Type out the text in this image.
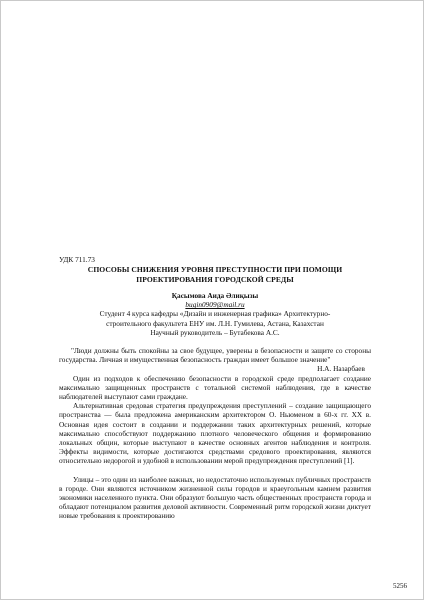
УДК 711.73

СПОСОБЫ СНИЖЕНИЯ УРОВНЯ ПРЕСТУПНОСТИ ПРИ ПОМОЩИ
ПРОЕКТИРОВАНИЯ ГОРОДСКОЙ СРЕДЫ
Қасымова Аида Әлиқызы
bugin0909@mail.ru
Студент 4 курса кафедры «Дизайн и инженерная графика» Архитектурно-
строительного факультета ЕНУ им. Л.Н. Гумилева, Астана, Казахстан
Научный руководитель – Бутабекова А.С.
"Люди должны быть спокойны за свое будущее, уверены в безопасности и защите со стороны государства. Личная и имущественная безопасность граждан имеет большое значение"
Н.А. Назарбаев

Один из подходов к обеспечению безопасности в городской среде предполагает создание максимально защищенных пространств с тотальной системой наблюдения, где в качестве наблюдателей выступают сами граждане.

Альтернативная средовая стратегия предупреждения преступлений – создание защищающего пространства — была предложена американским архитектором О. Ньюменом в 60-х гг. XX в. Основная идея состоит в создании и поддержании таких архитектурных решений, которые максимально способствуют поддержанию плотного человеческого общения и формированию локальных общин, которые выступают в качестве основных агентов наблюдения и контроля. Эффекты видимости, которые достигаются средствами средового проектирования, являются относительно недорогой и удобной в использовании мерой предупреждения преступлений [1].

Улицы – это один из наиболее важных, но недостаточно используемых публичных пространств в городе. Они являются источником жизненной силы городов и краеугольным камнем развития экономики населенного пункта. Они образуют большую часть общественных пространств города и обладают потенциалом развития деловой активности. Современный ритм городской жизни диктует новые требования к проектированию

5256
